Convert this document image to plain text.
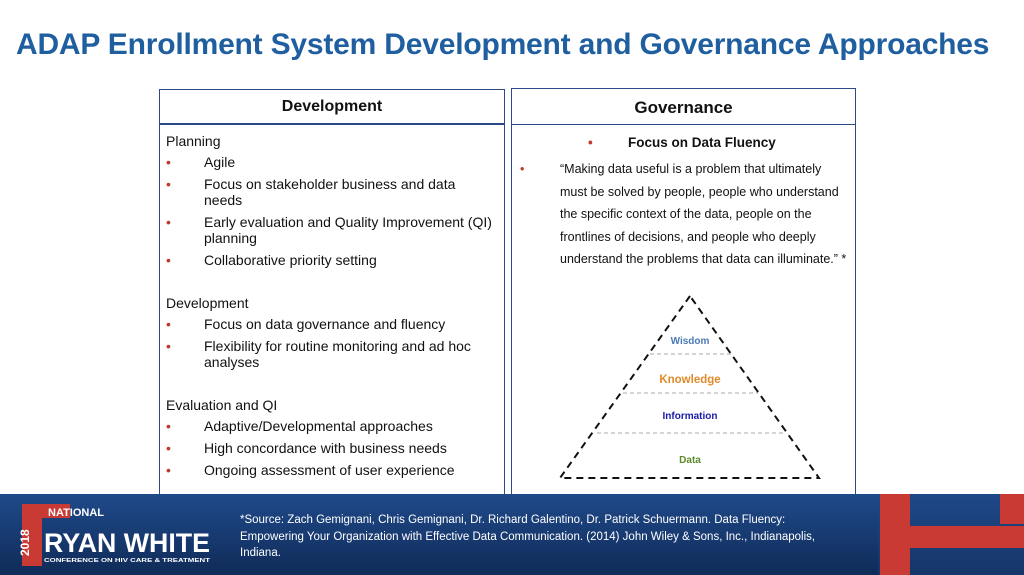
ADAP Enrollment System Development and Governance Approaches
Development
Planning
• Agile
• Focus on stakeholder business and data needs
• Early evaluation and Quality Improvement (QI) planning
• Collaborative priority setting
Development
• Focus on data governance and fluency
• Flexibility for routine monitoring and ad hoc analyses
Evaluation and QI
• Adaptive/Developmental approaches
• High concordance with business needs
• Ongoing assessment of user experience
Governance
•	Focus on Data Fluency
•	“Making data useful is a problem that ultimately must be solved by people, people who understand the specific context of the data, people on the frontlines of decisions, and people who deeply understand the problems that data can illuminate.” *
Wisdom
Knowledge
Information
Data
2018
NATIONAL
RYAN WHITE
CONFERENCE ON HIV CARE & TREATMENT
*Source: Zach Gemignani, Chris Gemignani, Dr. Richard Galentino, Dr. Patrick Schuermann. Data Fluency: Empowering Your Organization with Effective Data Communication. (2014) John Wiley & Sons, Inc., Indianapolis, Indiana.
